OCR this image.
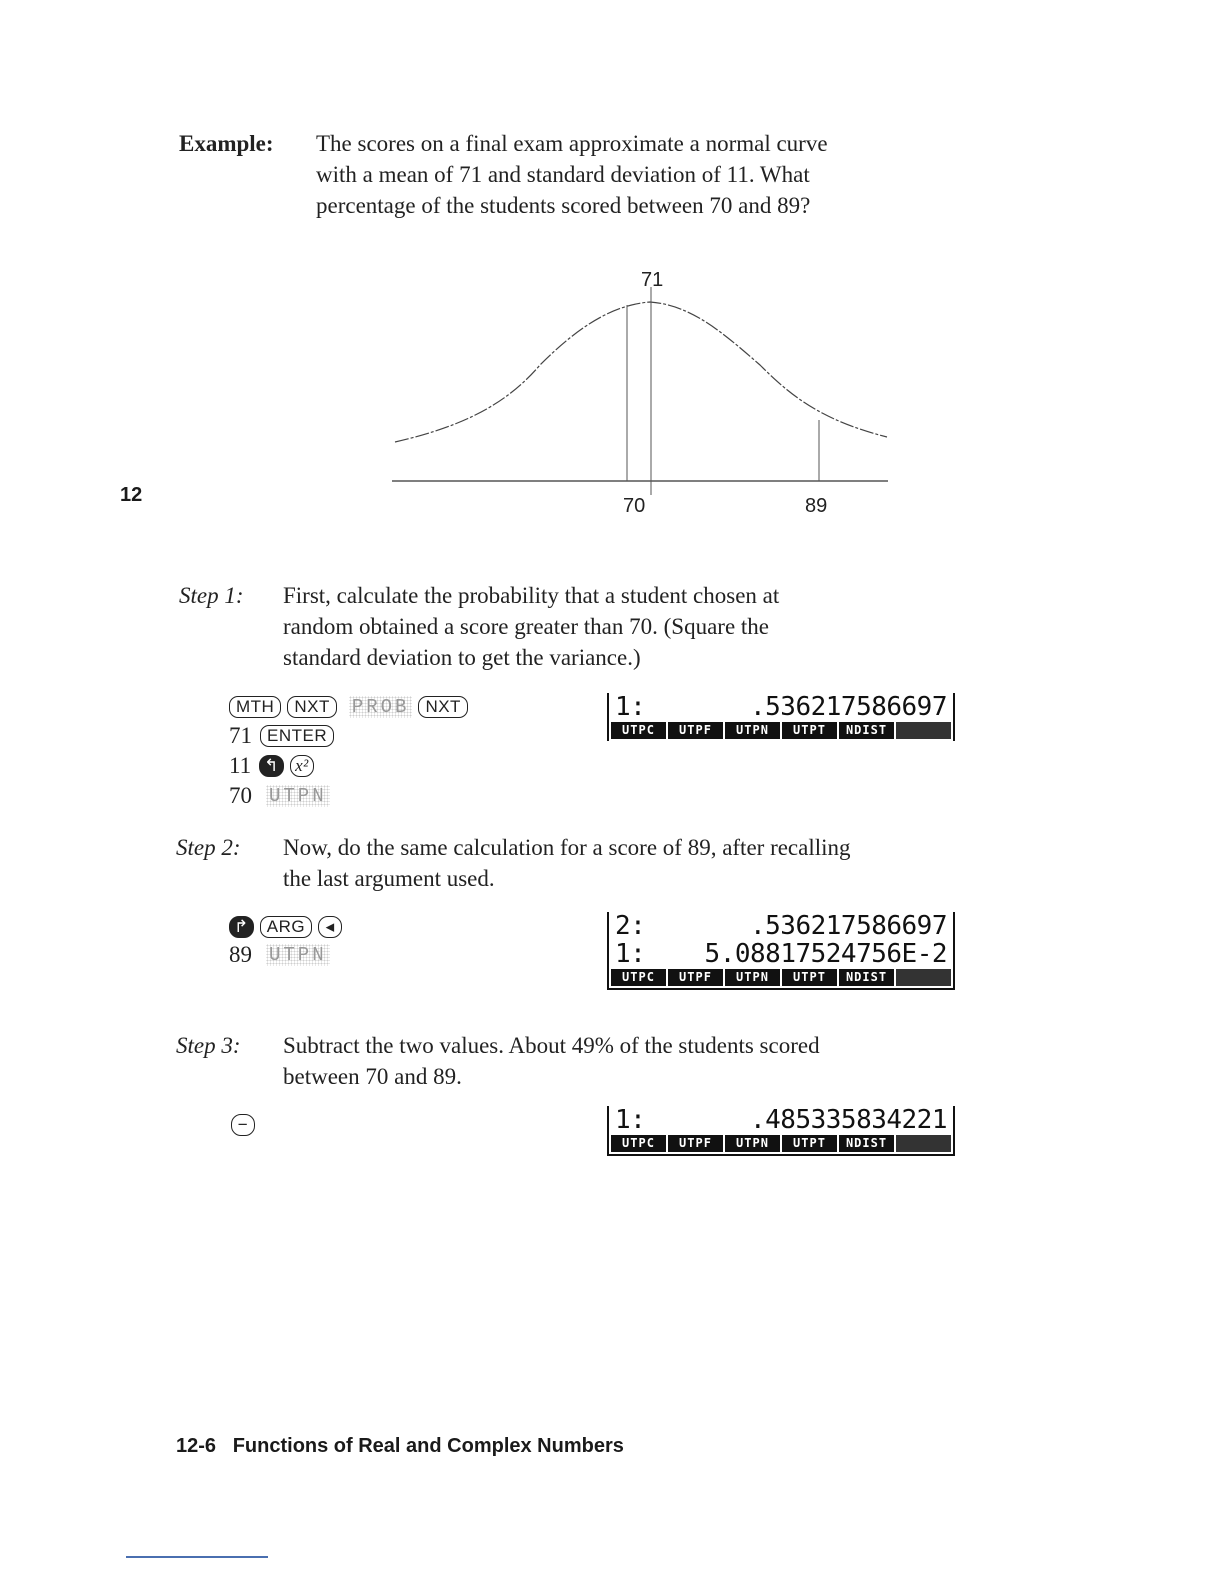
12
Example: The scores on a final exam approximate a normal curve
with a mean of 71 and standard deviation of 11. What
percentage of the students scored between 70 and 89?
71
70	89
Step 1: First, calculate the probability that a student chosen at
random obtained a score greater than 70. (Square the
standard deviation to get the variance.)
MTH	NXT	PROB NXT
71 ENTER
11 ↰ x²
70 UTPN
1:	.536217586697
UTPC	UTPF	UTPN	UTPT	NDIST
Step 2: Now, do the same calculation for a score of 89, after recalling
the last argument used.
↱	ARG	◂
89 UTPN
2:	.536217586697
1: 5.08817524756E-2
UTPC	UTPF	UTPN	UTPT	NDIST
Step 3: Subtract the two values. About 49% of the students scored
between 70 and 89.
−	1:	.485335834221
UTPC	UTPF	UTPN	UTPT	NDIST
12-6   Functions of Real and Complex Numbers
